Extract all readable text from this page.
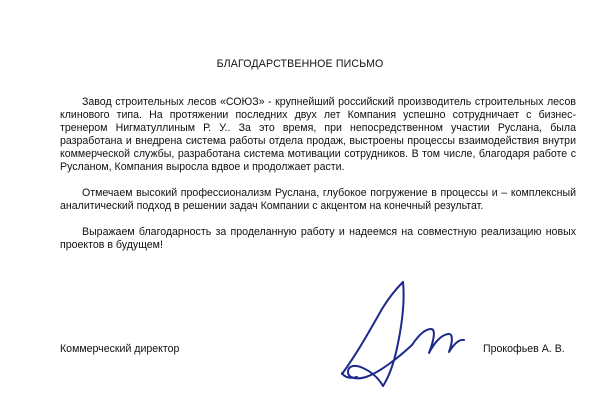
БЛАГОДАРСТВЕННОЕ ПИСЬМО

Завод строительных лесов «СОЮЗ» - крупнейший российский производитель строительных лесов клинового типа. На протяжении последних двух лет Компания успешно сотрудничает с бизнес-тренером Нигматуллиным Р. У.. За это время, при непосредственном участии Руслана, была разработана и внедрена система работы отдела продаж, выстроены процессы взаимодействия внутри коммерческой службы, разработана система мотивации сотрудников. В том числе, благодаря работе с Русланом, Компания выросла вдвое и продолжает расти.

Отмечаем высокий профессионализм Руслана, глубокое погружение в процессы и – комплексный аналитический подход в решении задач Компании с акцентом на конечный результат.

Выражаем благодарность за проделанную работу и надеемся на совместную реализацию новых проектов в будущем!

Коммерческий директор	Прокофьев А. В.
